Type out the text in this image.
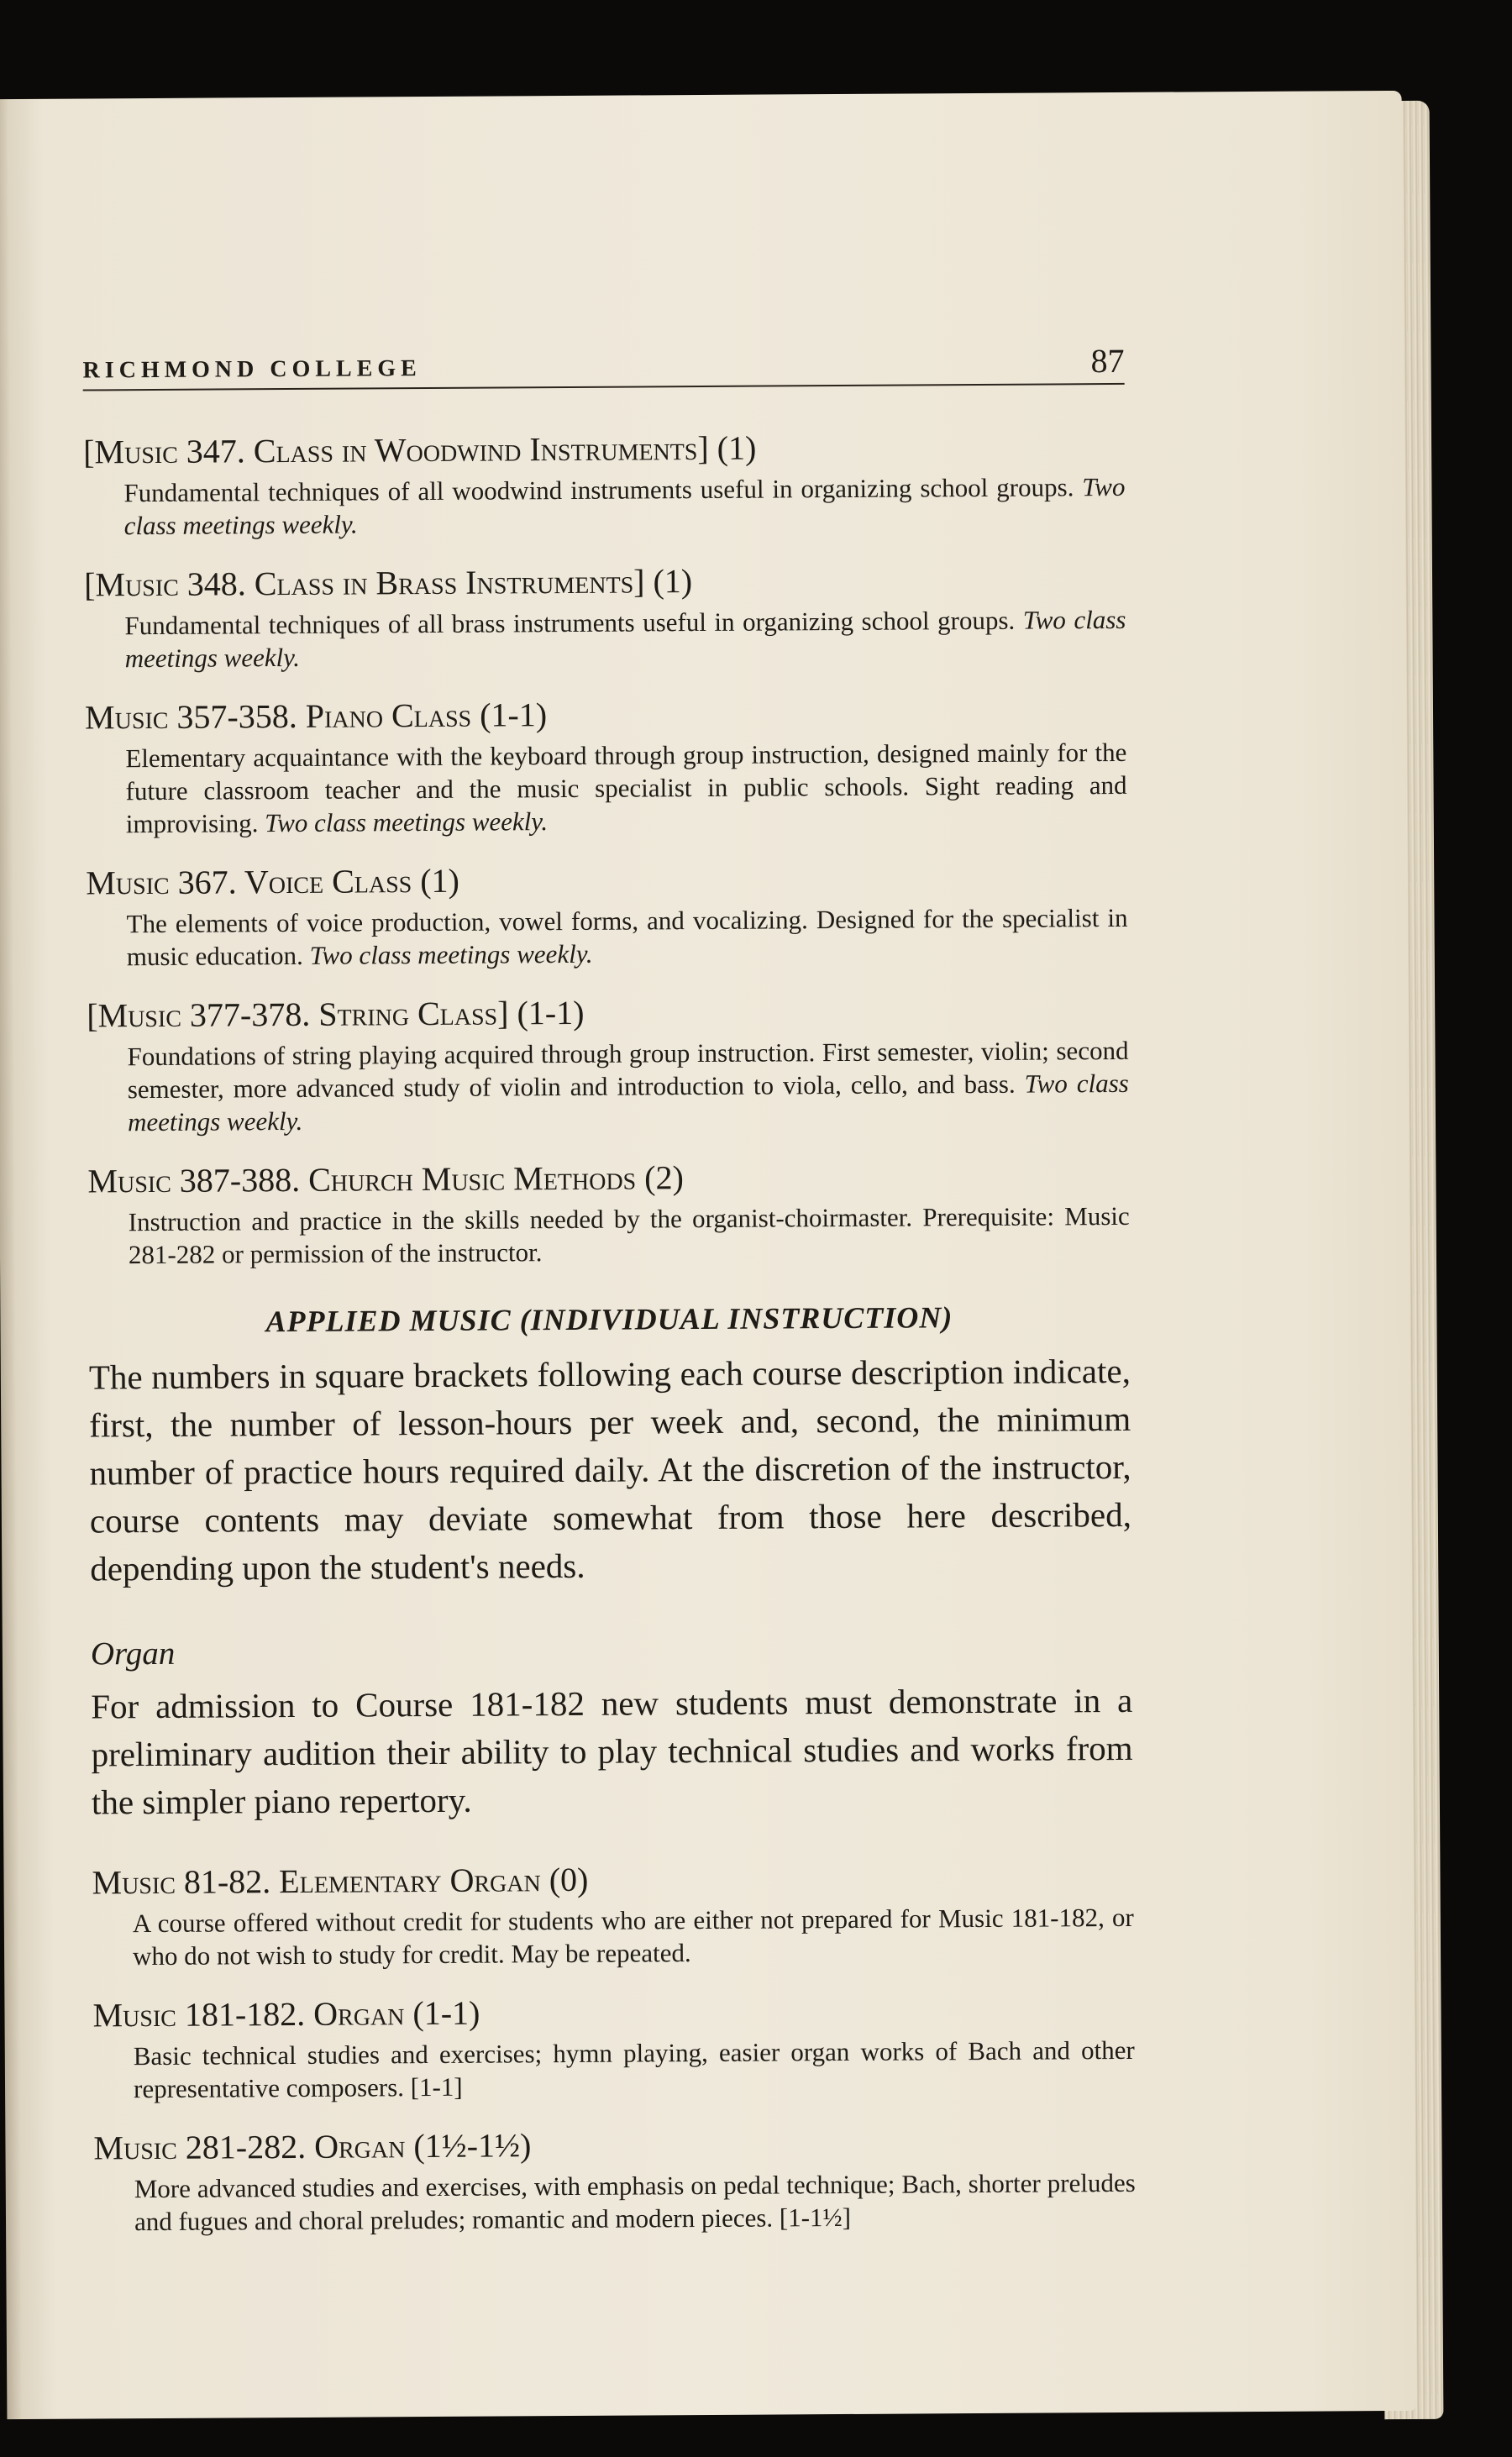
RICHMOND COLLEGE	87

[Music 347. Class in Woodwind Instruments] (1)

Fundamental techniques of all woodwind instruments useful in organizing school groups. Two class meetings weekly.

[Music 348. Class in Brass Instruments] (1)

Fundamental techniques of all brass instruments useful in organizing school groups. Two class meetings weekly.

Music 357-358. Piano Class (1-1)

Elementary acquaintance with the keyboard through group instruction, designed mainly for the future classroom teacher and the music specialist in public schools. Sight reading and improvising. Two class meetings weekly.

Music 367. Voice Class (1)

The elements of voice production, vowel forms, and vocalizing. Designed for the specialist in music education. Two class meetings weekly.

[Music 377-378. String Class] (1-1)

Foundations of string playing acquired through group instruction. First semester, violin; second semester, more advanced study of violin and introduction to viola, cello, and bass. Two class meetings weekly.

Music 387-388. Church Music Methods (2)

Instruction and practice in the skills needed by the organist-choirmaster. Prerequisite: Music 281-282 or permission of the instructor.

APPLIED MUSIC (INDIVIDUAL INSTRUCTION)

The numbers in square brackets following each course description indicate, first, the number of lesson-hours per week and, second, the minimum number of practice hours required daily. At the discretion of the instructor, course contents may deviate somewhat from those here described, depending upon the student's needs.

Organ

For admission to Course 181-182 new students must demonstrate in a preliminary audition their ability to play technical studies and works from the simpler piano repertory.

Music 81-82. Elementary Organ (0)

A course offered without credit for students who are either not prepared for Music 181-182, or who do not wish to study for credit. May be repeated.

Music 181-182. Organ (1-1)

Basic technical studies and exercises; hymn playing, easier organ works of Bach and other representative composers. [1-1]

Music 281-282. Organ (1½-1½)

More advanced studies and exercises, with emphasis on pedal technique; Bach, shorter preludes and fugues and choral preludes; romantic and modern pieces. [1-1½]
